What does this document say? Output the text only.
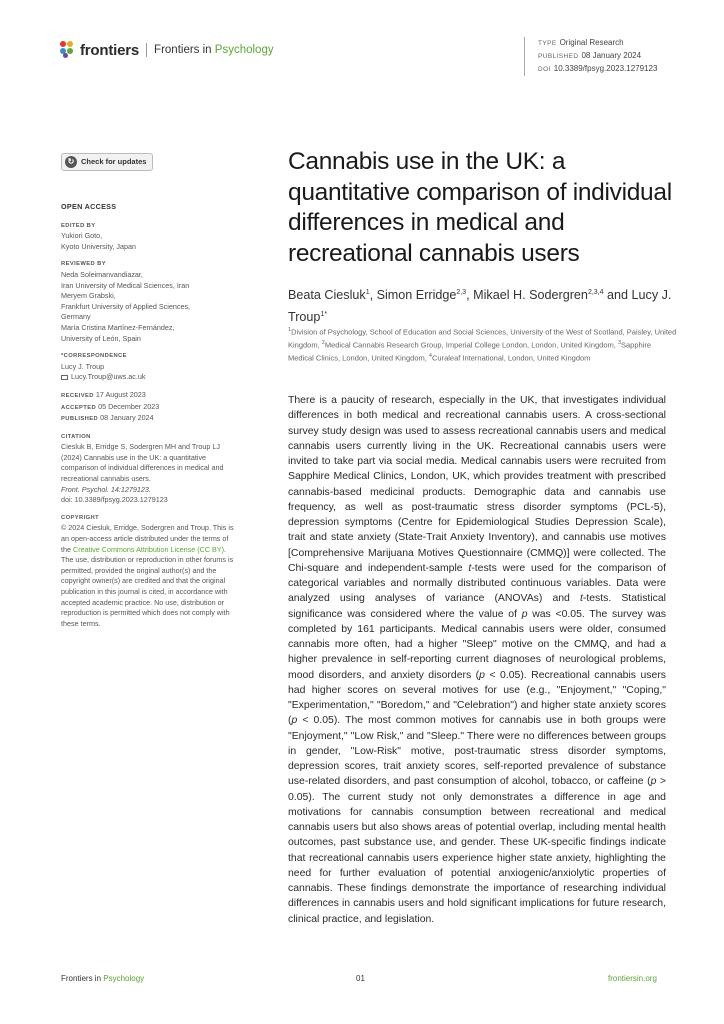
frontiers Frontiers in Psychology
TYPE Original Research
PUBLISHED 08 January 2024
DOI 10.3389/fpsyg.2023.1279123
↻ Check for updates
OPEN ACCESS
EDITED BY
Yukiori Goto,
Kyoto University, Japan
REVIEWED BY
Neda Soleimanvandiazar,
Iran University of Medical Sciences, Iran
Meryem Grabski,
Frankfurt University of Applied Sciences,
Germany
María Cristina Martínez-Fernández,
University of León, Spain
*CORRESPONDENCE
Lucy J. Troup
Lucy.Troup@uws.ac.uk
RECEIVED 17 August 2023
ACCEPTED 05 December 2023
PUBLISHED 08 January 2024
CITATION
Ciesluk B, Erridge S, Sodergren MH and Troup LJ (2024) Cannabis use in the UK: a quantitative comparison of individual differences in medical and recreational cannabis users.
Front. Psychol. 14:1279123.
doi: 10.3389/fpsyg.2023.1279123
COPYRIGHT
© 2024 Ciesluk, Erridge, Sodergren and Troup. This is an open-access article distributed under the terms of the Creative Commons Attribution License (CC BY). The use, distribution or reproduction in other forums is permitted, provided the original author(s) and the copyright owner(s) are credited and that the original publication in this journal is cited, in accordance with accepted academic practice. No use, distribution or reproduction is permitted which does not comply with these terms.
Cannabis use in the UK: a quantitative comparison of individual differences in medical and recreational cannabis users
Beata Ciesluk$^1$, Simon Erridge$^{2,3}$, Mikael H. Sodergren$^{2,3,4}$ and Lucy J. Troup$^{1*}$
$^1$Division of Psychology, School of Education and Social Sciences, University of the West of Scotland, Paisley, United Kingdom, $^2$Medical Cannabis Research Group, Imperial College London, London, United Kingdom, $^3$Sapphire Medical Clinics, London, United Kingdom, $^4$Curaleaf International, London, United Kingdom
There is a paucity of research, especially in the UK, that investigates individual differences in both medical and recreational cannabis users. A cross-sectional survey study design was used to assess recreational cannabis users and medical cannabis users currently living in the UK. Recreational cannabis users were invited to take part via social media. Medical cannabis users were recruited from Sapphire Medical Clinics, London, UK, which provides treatment with prescribed cannabis-based medicinal products. Demographic data and cannabis use frequency, as well as post-traumatic stress disorder symptoms (PCL-5), depression symptoms (Centre for Epidemiological Studies Depression Scale), trait and state anxiety (State-Trait Anxiety Inventory), and cannabis use motives [Comprehensive Marijuana Motives Questionnaire (CMMQ)] were collected. The Chi-square and independent-sample t-tests were used for the comparison of categorical variables and normally distributed continuous variables. Data were analyzed using analyses of variance (ANOVAs) and t-tests. Statistical significance was considered where the value of p was <0.05. The survey was completed by 161 participants. Medical cannabis users were older, consumed cannabis more often, had a higher "Sleep" motive on the CMMQ, and had a higher prevalence in self-reporting current diagnoses of neurological problems, mood disorders, and anxiety disorders (p < 0.05). Recreational cannabis users had higher scores on several motives for use (e.g., "Enjoyment," "Coping," "Experimentation," "Boredom," and "Celebration") and higher state anxiety scores (p < 0.05). The most common motives for cannabis use in both groups were "Enjoyment," "Low Risk," and "Sleep." There were no differences between groups in gender, "Low-Risk" motive, post-traumatic stress disorder symptoms, depression scores, trait anxiety scores, self-reported prevalence of substance use-related disorders, and past consumption of alcohol, tobacco, or caffeine (p > 0.05). The current study not only demonstrates a difference in age and motivations for cannabis consumption between recreational and medical cannabis users but also shows areas of potential overlap, including mental health outcomes, past substance use, and gender. These UK-specific findings indicate that recreational cannabis users experience higher state anxiety, highlighting the need for further evaluation of potential anxiogenic/anxiolytic properties of cannabis. These findings demonstrate the importance of researching individual differences in cannabis users and hold significant implications for future research, clinical practice, and legislation.
Frontiers in Psychology	01	frontiersin.org
